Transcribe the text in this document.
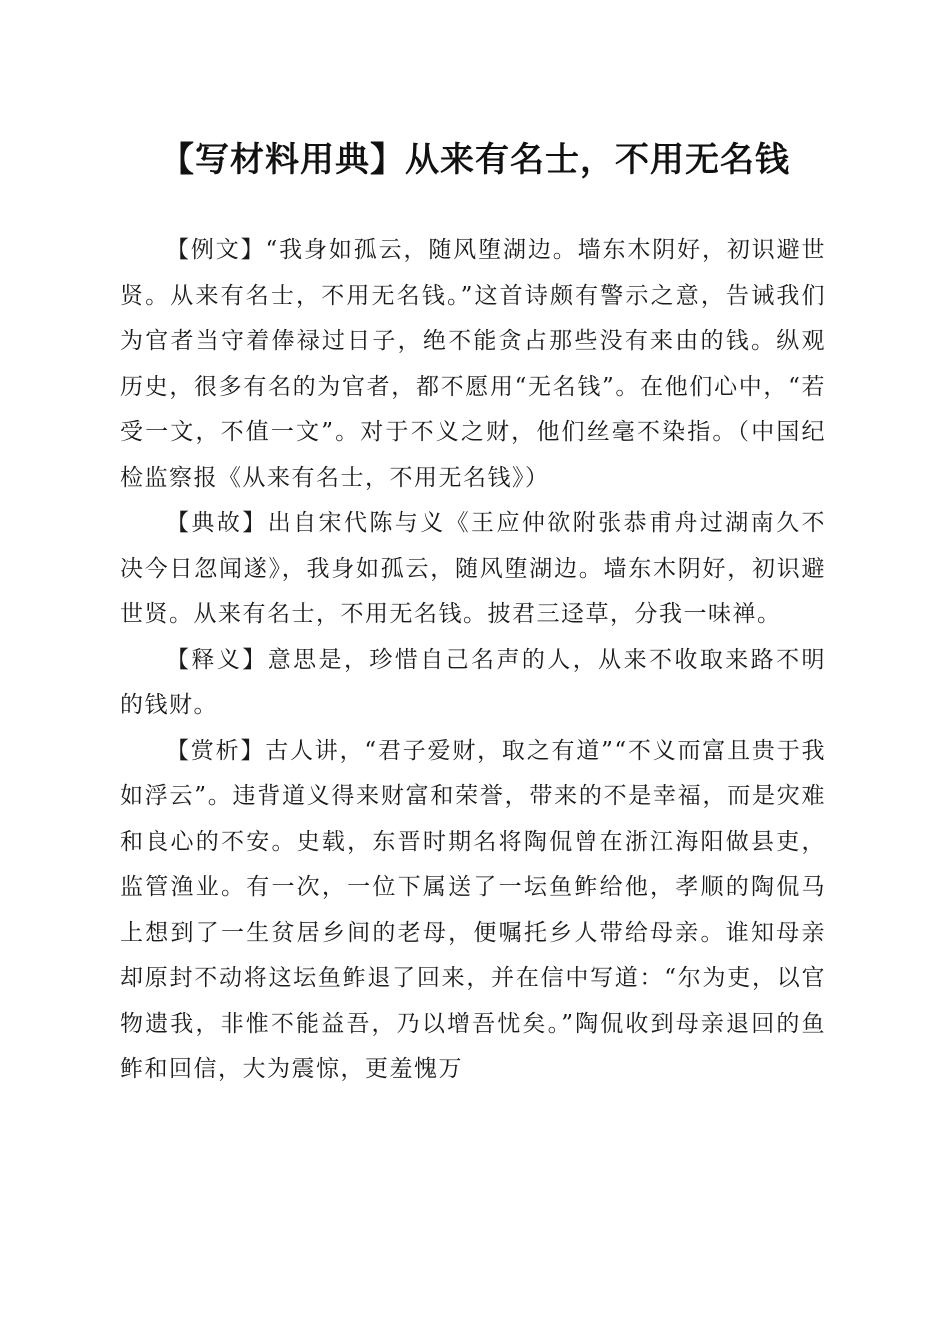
【写材料用典】从来有名士，不用无名钱

【例文】“我身如孤云，随风堕湖边。墙东木阴好，初识避世贤。从来有名士，不用无名钱。”这首诗颇有警示之意，告诫我们为官者当守着俸禄过日子，绝不能贪占那些没有来由的钱。纵观历史，很多有名的为官者，都不愿用“无名钱”。在他们心中，“若受一文，不值一文”。对于不义之财，他们丝毫不染指。（中国纪检监察报《从来有名士，不用无名钱》）

【典故】出自宋代陈与义《王应仲欲附张恭甫舟过湖南久不决今日忽闻遂》，我身如孤云，随风堕湖边。墙东木阴好，初识避世贤。从来有名士，不用无名钱。披君三迳草，分我一味禅。

【释义】意思是，珍惜自己名声的人，从来不收取来路不明的钱财。

【赏析】古人讲，“君子爱财，取之有道”“不义而富且贵于我如浮云”。违背道义得来财富和荣誉，带来的不是幸福，而是灾难和良心的不安。史载，东晋时期名将陶侃曾在浙江海阳做县吏，监管渔业。有一次，一位下属送了一坛鱼鲊给他，孝顺的陶侃马上想到了一生贫居乡间的老母，便嘱托乡人带给母亲。谁知母亲却原封不动将这坛鱼鲊退了回来，并在信中写道：“尔为吏，以官物遗我，非惟不能益吾，乃以增吾忧矣。”陶侃收到母亲退回的鱼鲊和回信，大为震惊，更羞愧万
